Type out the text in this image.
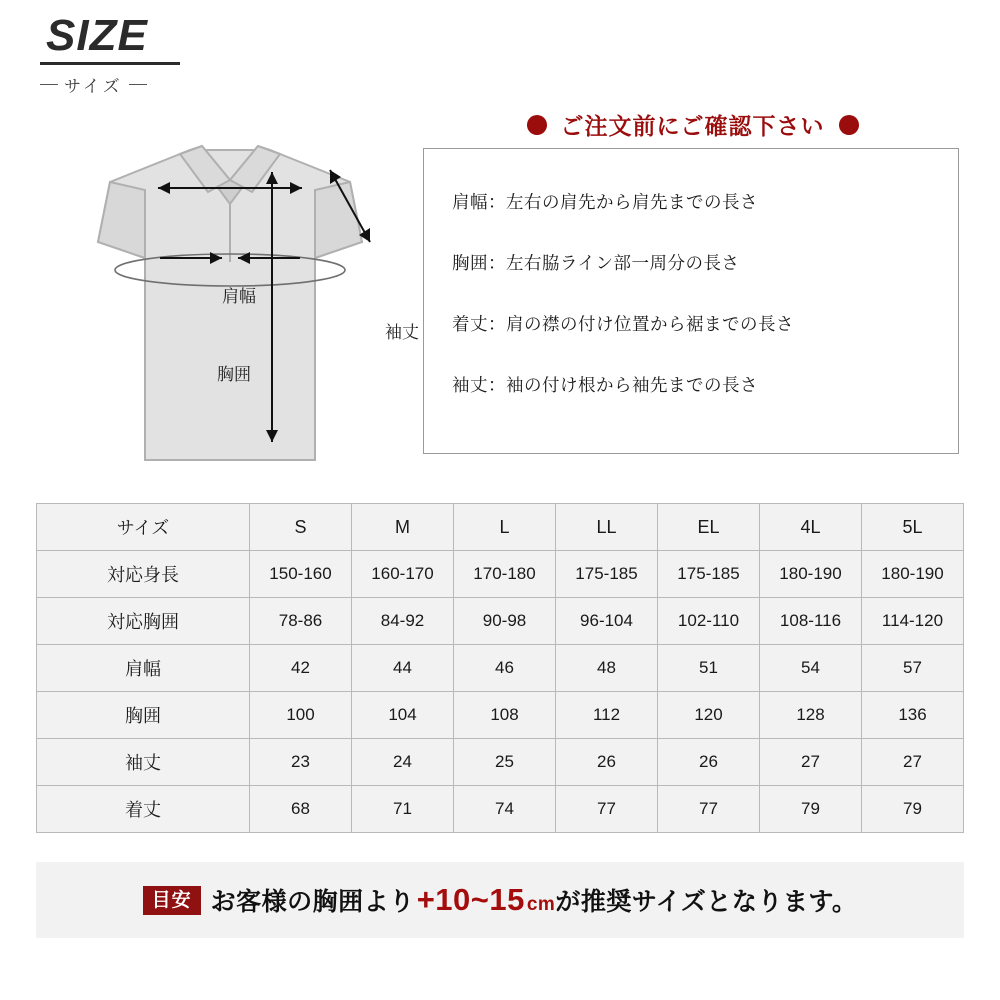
SIZE
サイズ
肩幅
袖丈
胸囲
ご注文前にご確認下さい
肩幅：左右の肩先から肩先までの長さ
胸囲：左右脇ライン部一周分の長さ
着丈：肩の襟の付け位置から裾までの長さ
袖丈：袖の付け根から袖先までの長さ
サイズ	S	M	L	LL	EL	4L	5L
対応身長	150-160	160-170	170-180	175-185	175-185	180-190	180-190
対応胸囲	78-86	84-92	90-98	96-104	102-110	108-116	114-120
肩幅	42	44	46	48	51	54	57
胸囲	100	104	108	112	120	128	136
袖丈	23	24	25	26	26	27	27
着丈	68	71	74	77	77	79	79
目安 お客様の胸囲より +10~15 cm が推奨サイズとなります。
